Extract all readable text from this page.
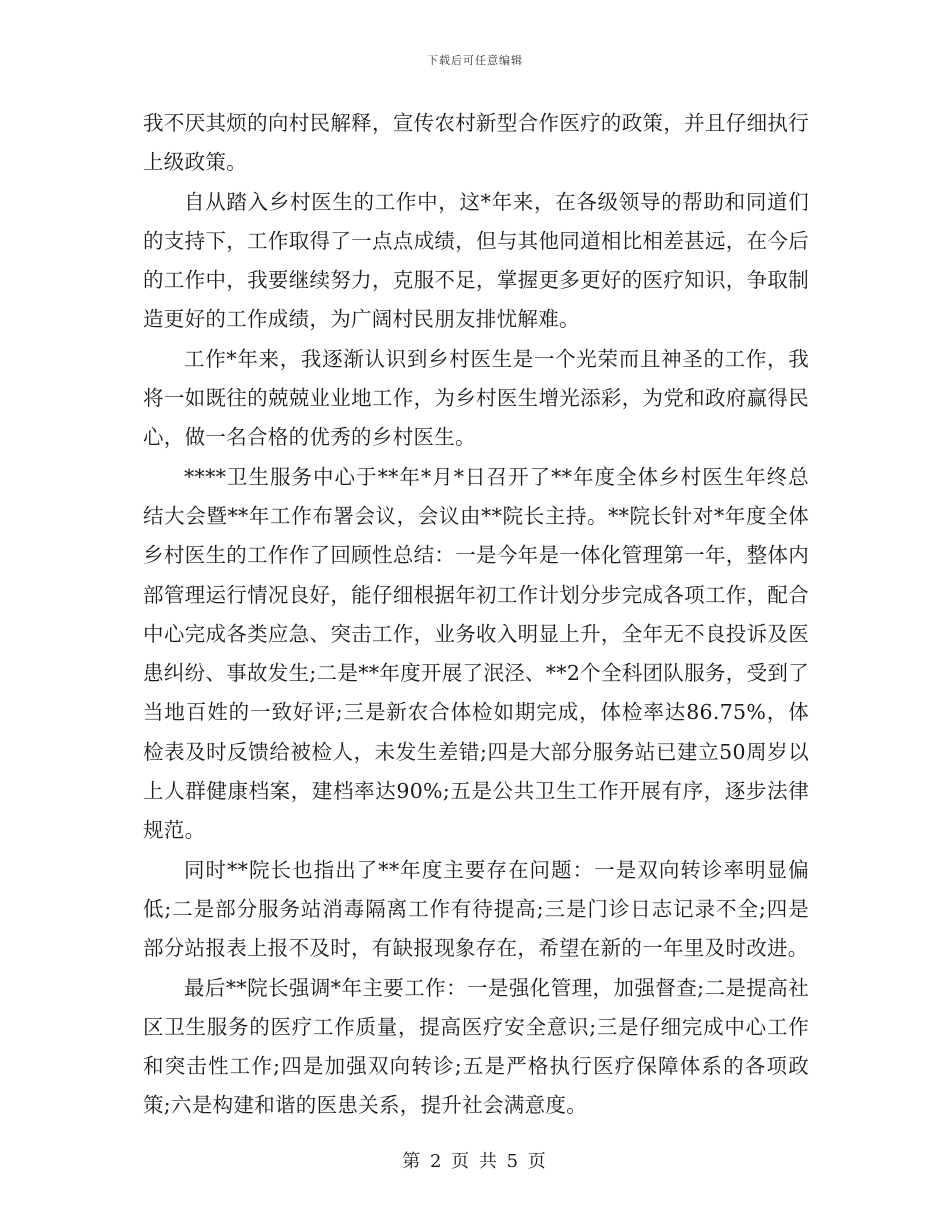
下载后可任意编辑

我不厌其烦的向村民解释，宣传农村新型合作医疗的政策，并且仔细执行上级政策。

自从踏入乡村医生的工作中，这*年来，在各级领导的帮助和同道们的支持下，工作取得了一点点成绩，但与其他同道相比相差甚远，在今后的工作中，我要继续努力，克服不足，掌握更多更好的医疗知识，争取制造更好的工作成绩，为广阔村民朋友排忧解难。

工作*年来，我逐渐认识到乡村医生是一个光荣而且神圣的工作，我将一如既往的兢兢业业地工作，为乡村医生增光添彩，为党和政府赢得民心，做一名合格的优秀的乡村医生。

****卫生服务中心于**年*月*日召开了**年度全体乡村医生年终总结大会暨**年工作布署会议，会议由**院长主持。**院长针对*年度全体乡村医生的工作作了回顾性总结：一是今年是一体化管理第一年，整体内部管理运行情况良好，能仔细根据年初工作计划分步完成各项工作，配合中心完成各类应急、突击工作，业务收入明显上升，全年无不良投诉及医患纠纷、事故发生;二是**年度开展了泯泾、**2个全科团队服务，受到了当地百姓的一致好评;三是新农合体检如期完成，体检率达86.75%，体检表及时反馈给被检人，未发生差错;四是大部分服务站已建立50周岁以上人群健康档案，建档率达90%;五是公共卫生工作开展有序，逐步法律规范。

同时**院长也指出了**年度主要存在问题：一是双向转诊率明显偏低;二是部分服务站消毒隔离工作有待提高;三是门诊日志记录不全;四是部分站报表上报不及时，有缺报现象存在，希望在新的一年里及时改进。

最后**院长强调*年主要工作：一是强化管理，加强督查;二是提高社区卫生服务的医疗工作质量，提高医疗安全意识;三是仔细完成中心工作和突击性工作;四是加强双向转诊;五是严格执行医疗保障体系的各项政策;六是构建和谐的医患关系，提升社会满意度。

第 2 页 共 5 页
